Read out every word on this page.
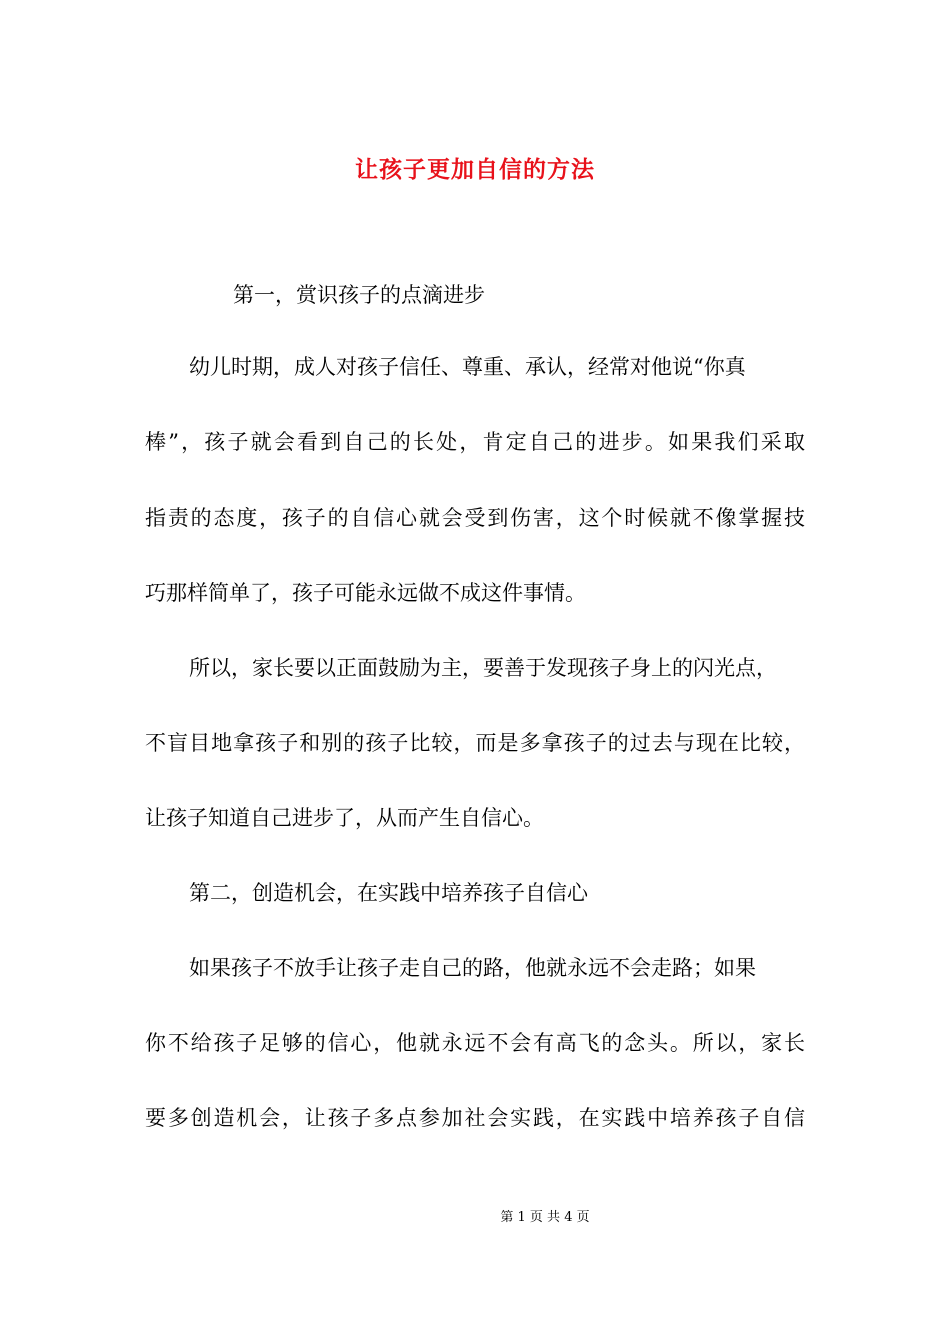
让孩子更加自信的方法
第一，赏识孩子的点滴进步
幼儿时期，成人对孩子信任、尊重、承认，经常对他说“你真
棒”，孩子就会看到自己的长处，肯定自己的进步。如果我们采取
指责的态度，孩子的自信心就会受到伤害，这个时候就不像掌握技
巧那样简单了，孩子可能永远做不成这件事情。
所以，家长要以正面鼓励为主，要善于发现孩子身上的闪光点，
不盲目地拿孩子和别的孩子比较，而是多拿孩子的过去与现在比较，
让孩子知道自己进步了，从而产生自信心。
第二，创造机会，在实践中培养孩子自信心
如果孩子不放手让孩子走自己的路，他就永远不会走路；如果
你不给孩子足够的信心，他就永远不会有高飞的念头。所以，家长
要多创造机会，让孩子多点参加社会实践，在实践中培养孩子自信
第 1 页 共 4 页
